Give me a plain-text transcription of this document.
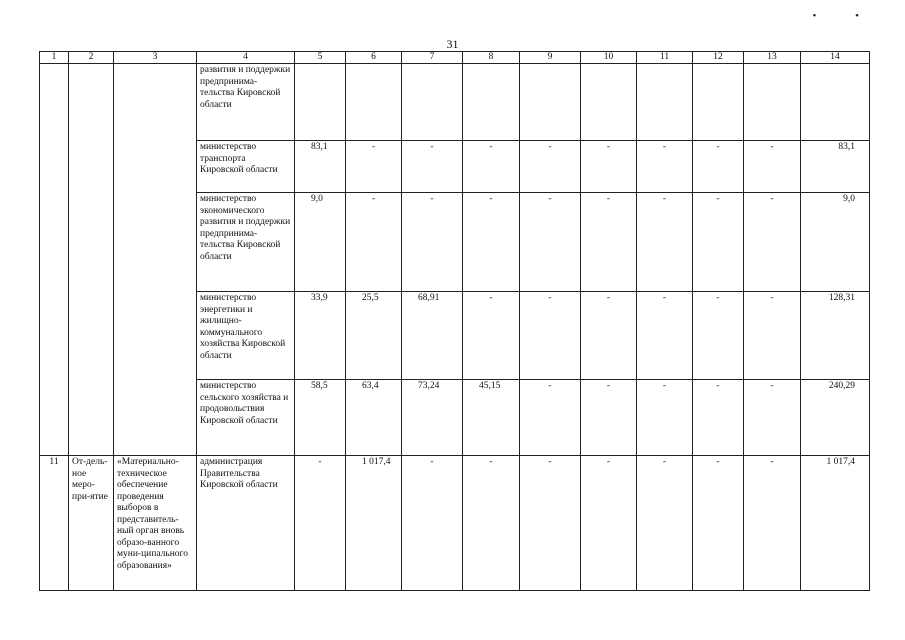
• •
31
1	2	3	4	5	6	7	8	9	10	11	12	13	14
			развития и поддержки предпринима-тельства Кировской области										
			министерство транспорта Кировской области	83,1	-	-	-	-	-	-	-	-	83,1
			министерство экономического развития и поддержки предпринима-тельства Кировской области	9,0	-	-	-	-	-	-	-	-	9,0
			министерство энергетики и жилищно-коммунального хозяйства Кировской области	33,9	25,5	68,91	-	-	-	-	-	-	128,31
			министерство сельского хозяйства и продовольствия Кировской области	58,5	63,4	73,24	45,15	-	-	-	-	-	240,29
11	От-дель-ное меро-при-ятие	«Материально-техническое обеспечение проведения выборов в представитель-ный орган вновь образо-ванного муни-ципального образования»	администрация Правительства Кировской области	-	1 017,4	-	-	-	-	-	-	-	1 017,4
